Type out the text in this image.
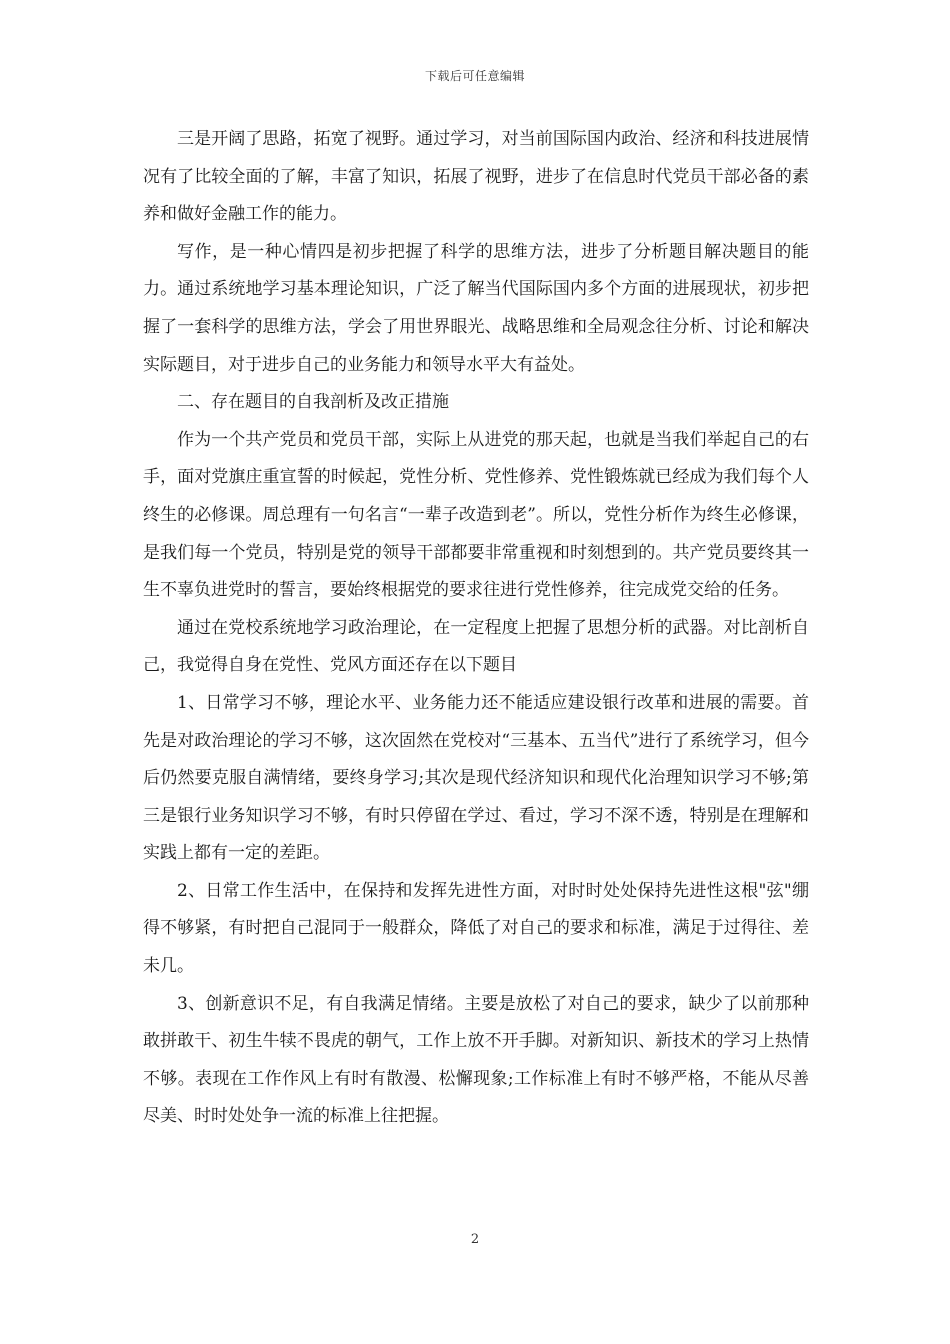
下载后可任意编辑

三是开阔了思路，拓宽了视野。通过学习，对当前国际国内政治、经济和科技进展情况有了比较全面的了解，丰富了知识，拓展了视野，进步了在信息时代党员干部必备的素养和做好金融工作的能力。

写作，是一种心情四是初步把握了科学的思维方法，进步了分析题目解决题目的能力。通过系统地学习基本理论知识，广泛了解当代国际国内多个方面的进展现状，初步把握了一套科学的思维方法，学会了用世界眼光、战略思维和全局观念往分析、讨论和解决实际题目，对于进步自己的业务能力和领导水平大有益处。

二、存在题目的自我剖析及改正措施

作为一个共产党员和党员干部，实际上从进党的那天起，也就是当我们举起自己的右手，面对党旗庄重宣誓的时候起，党性分析、党性修养、党性锻炼就已经成为我们每个人终生的必修课。周总理有一句名言“一辈子改造到老”。所以，党性分析作为终生必修课，是我们每一个党员，特别是党的领导干部都要非常重视和时刻想到的。共产党员要终其一生不辜负进党时的誓言，要始终根据党的要求往进行党性修养，往完成党交给的任务。

通过在党校系统地学习政治理论，在一定程度上把握了思想分析的武器。对比剖析自己，我觉得自身在党性、党风方面还存在以下题目

1、日常学习不够，理论水平、业务能力还不能适应建设银行改革和进展的需要。首先是对政治理论的学习不够，这次固然在党校对“三基本、五当代”进行了系统学习，但今后仍然要克服自满情绪，要终身学习;其次是现代经济知识和现代化治理知识学习不够;第三是银行业务知识学习不够，有时只停留在学过、看过，学习不深不透，特别是在理解和实践上都有一定的差距。

2、日常工作生活中，在保持和发挥先进性方面，对时时处处保持先进性这根"弦"绷得不够紧，有时把自己混同于一般群众，降低了对自己的要求和标准，满足于过得往、差未几。

3、创新意识不足，有自我满足情绪。主要是放松了对自己的要求，缺少了以前那种敢拼敢干、初生牛犊不畏虎的朝气，工作上放不开手脚。对新知识、新技术的学习上热情不够。表现在工作作风上有时有散漫、松懈现象;工作标准上有时不够严格，不能从尽善尽美、时时处处争一流的标准上往把握。

2
